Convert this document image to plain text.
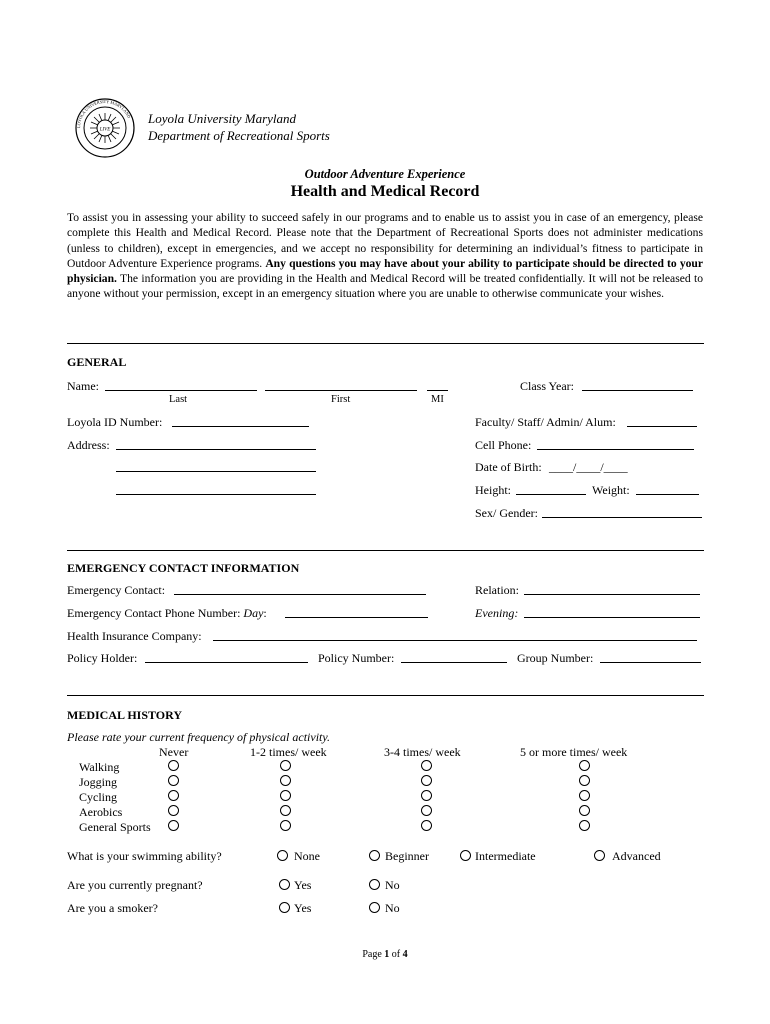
LIVE
LOYOLA UNIVERSITY MARYLAND Loyola University Maryland
Department of Recreational Sports
Outdoor Adventure Experience
Health and Medical Record
To assist you in assessing your ability to succeed safely in our programs and to enable us to assist you in case of an emergency, please complete this Health and Medical Record. Please note that the Department of Recreational Sports does not administer medications (unless to children), except in emergencies, and we accept no responsibility for determining an individual’s fitness to participate in Outdoor Adventure Experience programs. Any questions you may have about your ability to participate should be directed to your physician. The information you are providing in the Health and Medical Record will be treated confidentially. It will not be released to anyone without your permission, except in an emergency situation where you are unable to otherwise communicate your wishes.
GENERAL
Name:
Last	First	MI
Class Year:
Loyola ID Number:	Faculty/ Staff/ Admin/ Alum:
Address:	Cell Phone:
Date of Birth: ____/____/____
Height:	Weight:
Sex/ Gender:
EMERGENCY CONTACT INFORMATION
Emergency Contact:	Relation:
Emergency Contact Phone Number: Day:	Evening:
Health Insurance Company:
Policy Holder:	Policy Number:	Group Number:
MEDICAL HISTORY
Please rate your current frequency of physical activity.
Never	1-2 times/ week	3-4 times/ week	5 or more times/ week
Walking
Jogging
Cycling
Aerobics
General Sports
What is your swimming ability?	None	Beginner	Intermediate	Advanced
Are you currently pregnant?	Yes	No
Are you a smoker?	Yes	No
Page 1 of 4
